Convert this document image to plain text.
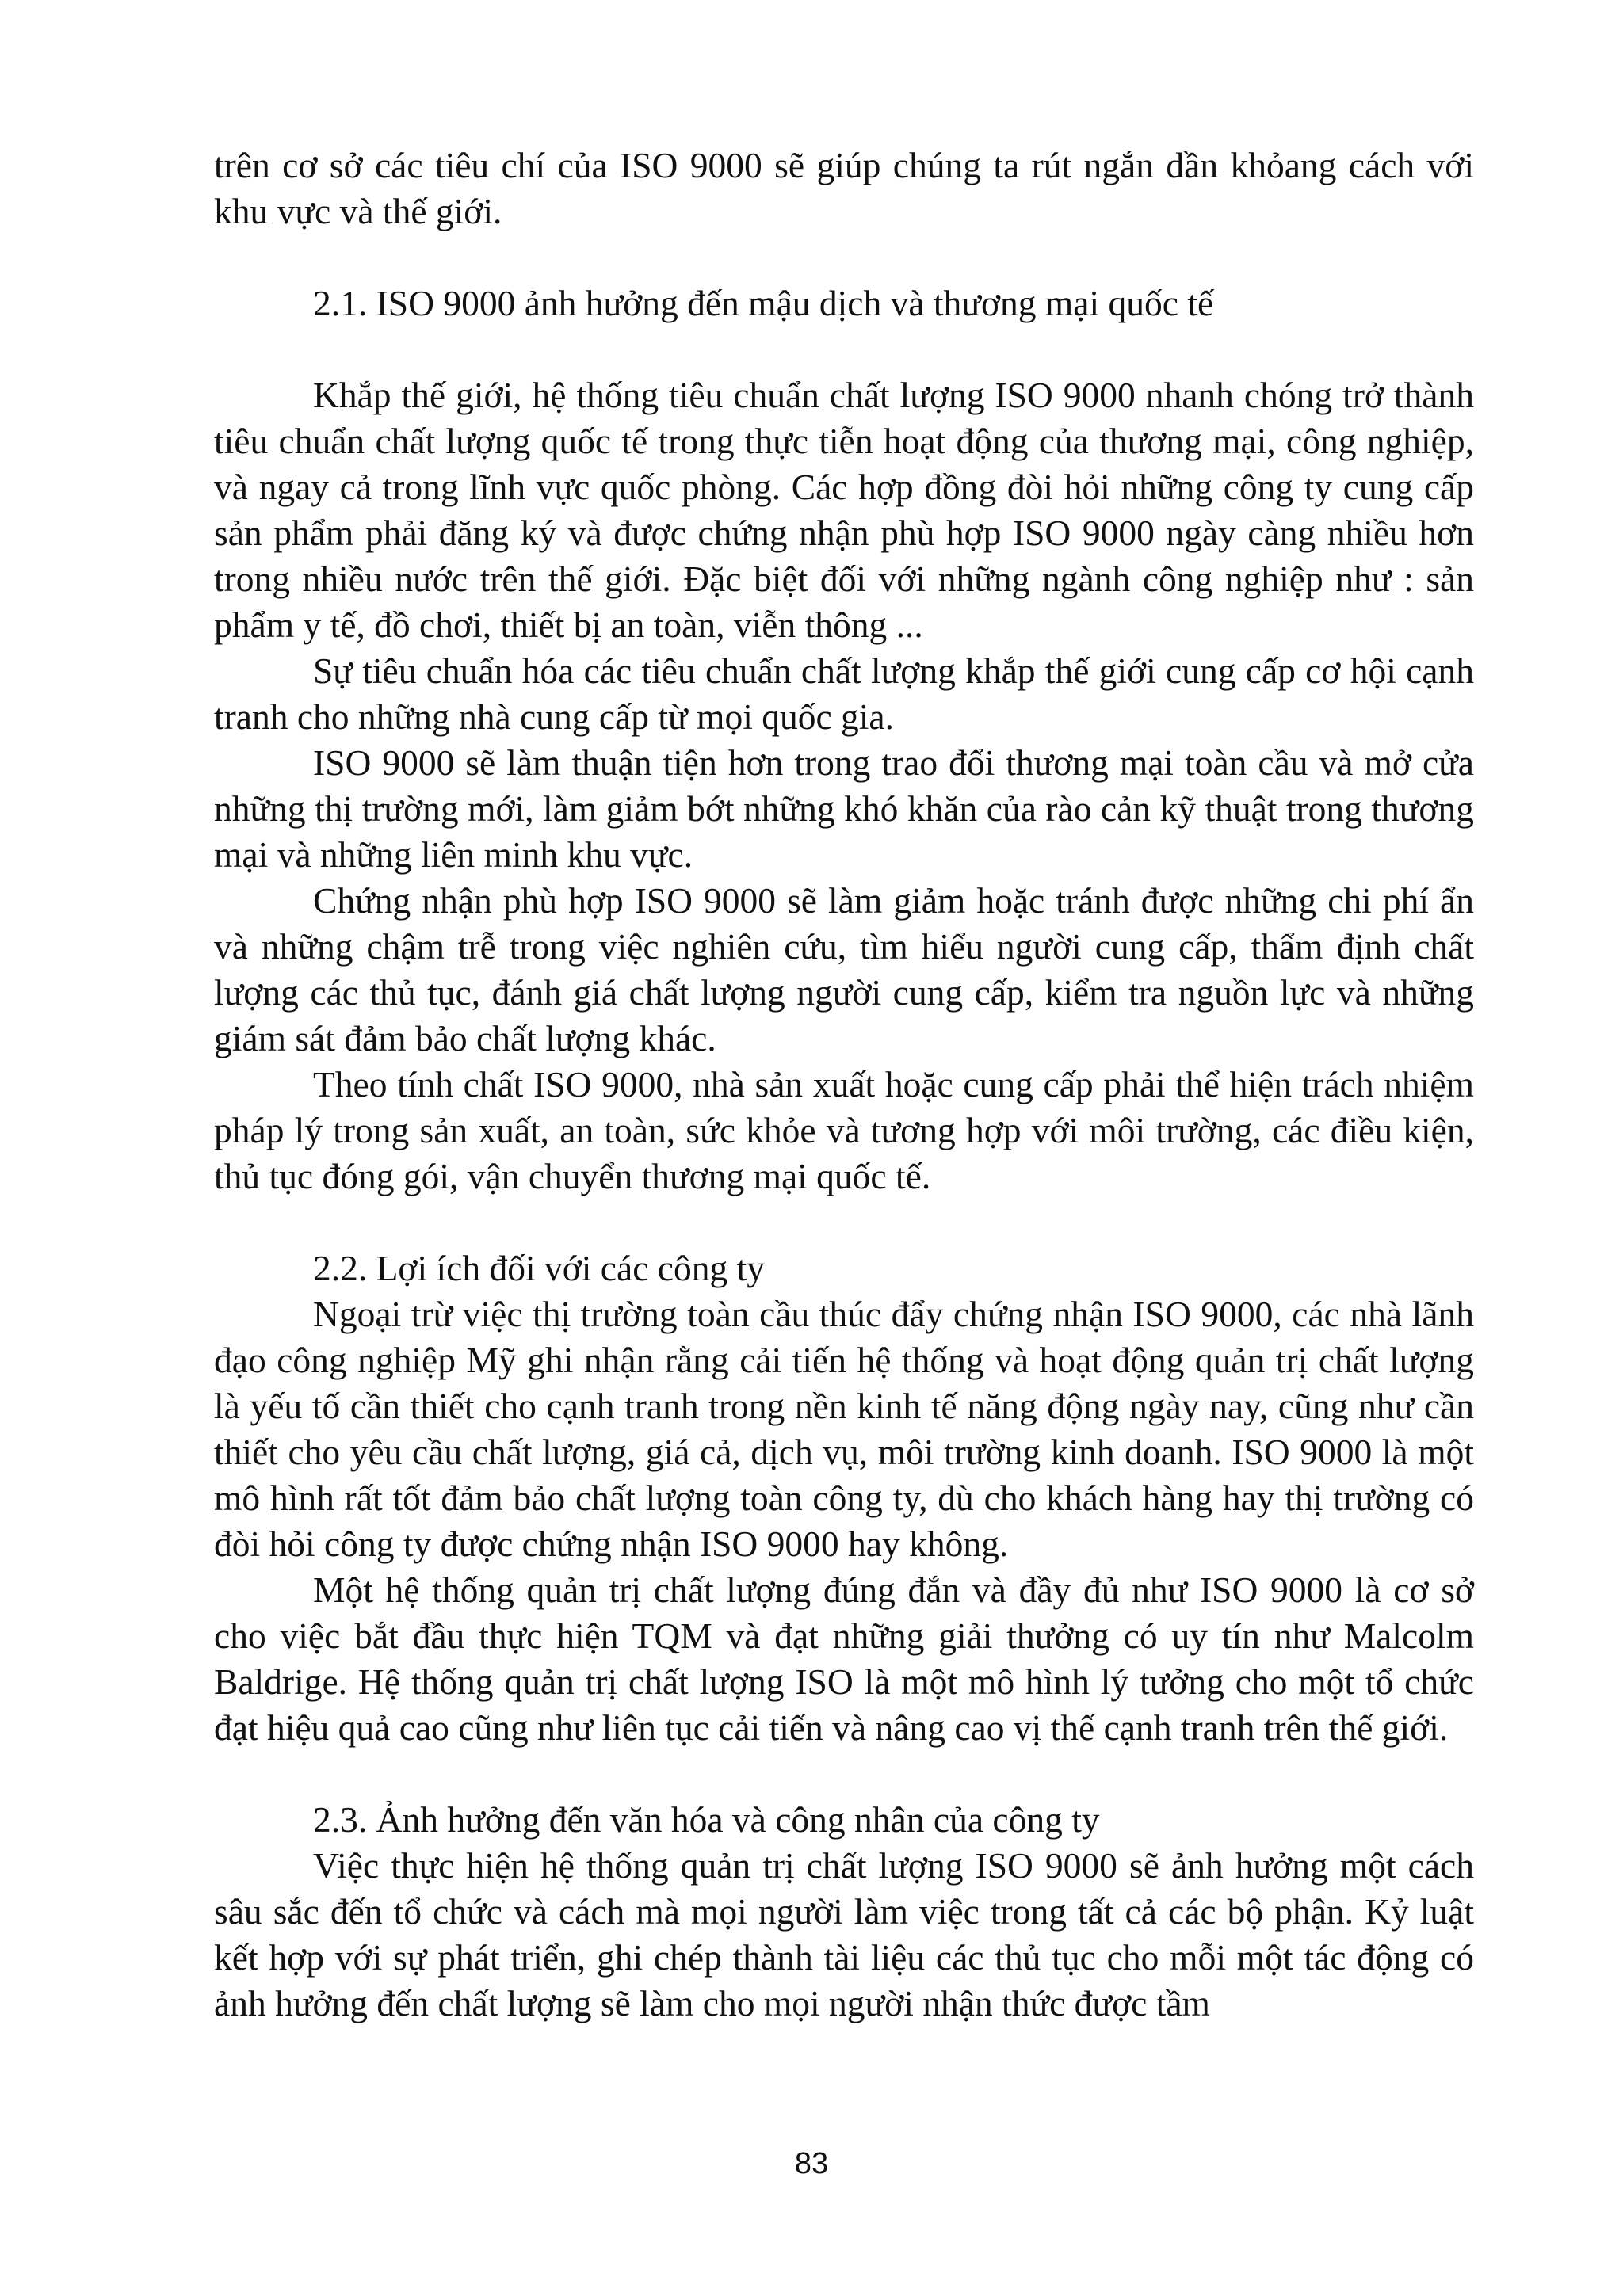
trên cơ sở các tiêu chí của ISO 9000 sẽ giúp chúng ta rút ngắn dần khỏang cách với khu vực và thế giới.

2.1. ISO 9000 ảnh hưởng đến mậu dịch và thương mại quốc tế

Khắp thế giới, hệ thống tiêu chuẩn chất lượng ISO 9000 nhanh chóng trở thành tiêu chuẩn chất lượng quốc tế trong thực tiễn hoạt động của thương mại, công nghiệp, và ngay cả trong lĩnh vực quốc phòng. Các hợp đồng đòi hỏi những công ty cung cấp sản phẩm phải đăng ký và được chứng nhận phù hợp ISO 9000 ngày càng nhiều hơn trong nhiều nước trên thế giới. Đặc biệt đối với những ngành công nghiệp như : sản phẩm y tế, đồ chơi, thiết bị an toàn, viễn thông ...

Sự tiêu chuẩn hóa các tiêu chuẩn chất lượng khắp thế giới cung cấp cơ hội cạnh tranh cho những nhà cung cấp từ mọi quốc gia.

ISO 9000 sẽ làm thuận tiện hơn trong trao đổi thương mại toàn cầu và mở cửa những thị trường mới, làm giảm bớt những khó khăn của rào cản kỹ thuật trong thương mại và những liên minh khu vực.

Chứng nhận phù hợp ISO 9000 sẽ làm giảm hoặc tránh được những chi phí ẩn và những chậm trễ trong việc nghiên cứu, tìm hiểu người cung cấp, thẩm định chất lượng các thủ tục, đánh giá chất lượng người cung cấp, kiểm tra nguồn lực và những giám sát đảm bảo chất lượng khác.

Theo tính chất ISO 9000, nhà sản xuất hoặc cung cấp phải thể hiện trách nhiệm pháp lý trong sản xuất, an toàn, sức khỏe và tương hợp với môi trường, các điều kiện, thủ tục đóng gói, vận chuyển thương mại quốc tế.

2.2. Lợi ích đối với các công ty

Ngoại trừ việc thị trường toàn cầu thúc đẩy chứng nhận ISO 9000, các nhà lãnh đạo công nghiệp Mỹ ghi nhận rằng cải tiến hệ thống và hoạt động quản trị chất lượng là yếu tố cần thiết cho cạnh tranh trong nền kinh tế năng động ngày nay, cũng như cần thiết cho yêu cầu chất lượng, giá cả, dịch vụ, môi trường kinh doanh. ISO 9000 là một mô hình rất tốt đảm bảo chất lượng toàn công ty, dù cho khách hàng hay thị trường có đòi hỏi công ty được chứng nhận ISO 9000 hay không.

Một hệ thống quản trị chất lượng đúng đắn và đầy đủ như ISO 9000 là cơ sở cho việc bắt đầu thực hiện TQM và đạt những giải thưởng có uy tín như Malcolm Baldrige. Hệ thống quản trị chất lượng ISO là một mô hình lý tưởng cho một tổ chức đạt hiệu quả cao cũng như liên tục cải tiến và nâng cao vị thế cạnh tranh trên thế giới.

2.3. Ảnh hưởng đến văn hóa và công nhân của công ty

Việc thực hiện hệ thống quản trị chất lượng ISO 9000 sẽ ảnh hưởng một cách sâu sắc đến tổ chức và cách mà mọi người làm việc trong tất cả các bộ phận. Kỷ luật kết hợp với sự phát triển, ghi chép thành tài liệu các thủ tục cho mỗi một tác động có ảnh hưởng đến chất lượng sẽ làm cho mọi người nhận thức được tầm

83
